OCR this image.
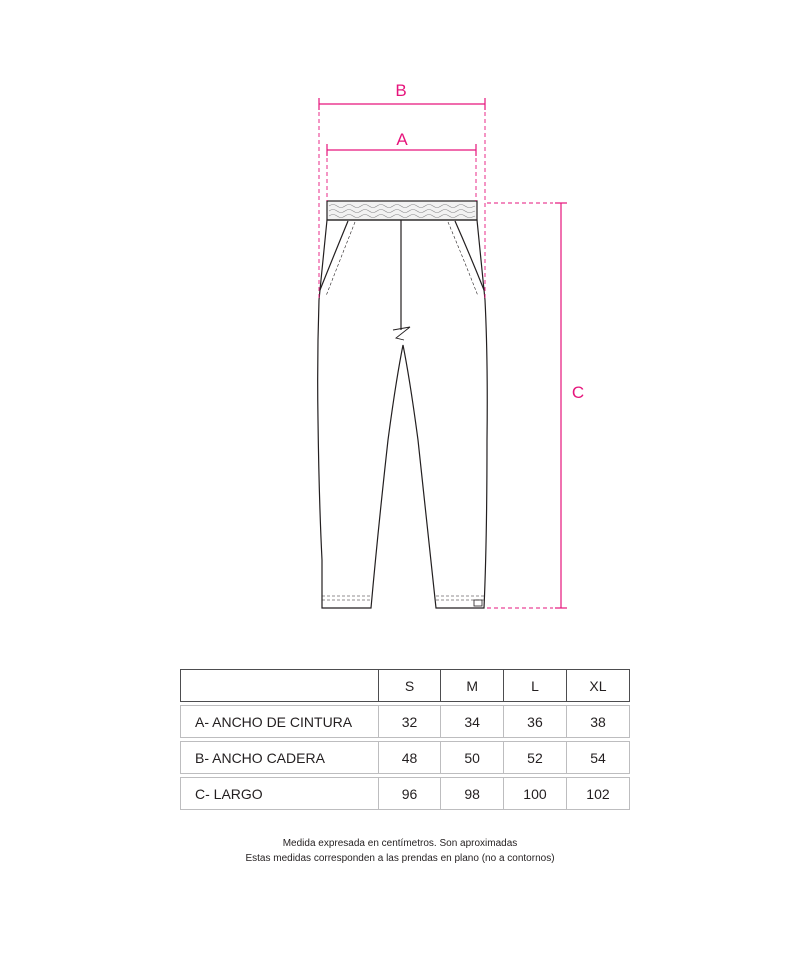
B
A
C
	S	M	L	XL

A- ANCHO DE CINTURA	32	34	36	38

B- ANCHO CADERA	48	50	52	54

C- LARGO	96	98	100	102
Medida expresada en centímetros. Son aproximadas
Estas medidas corresponden a las prendas en plano (no a contornos)
